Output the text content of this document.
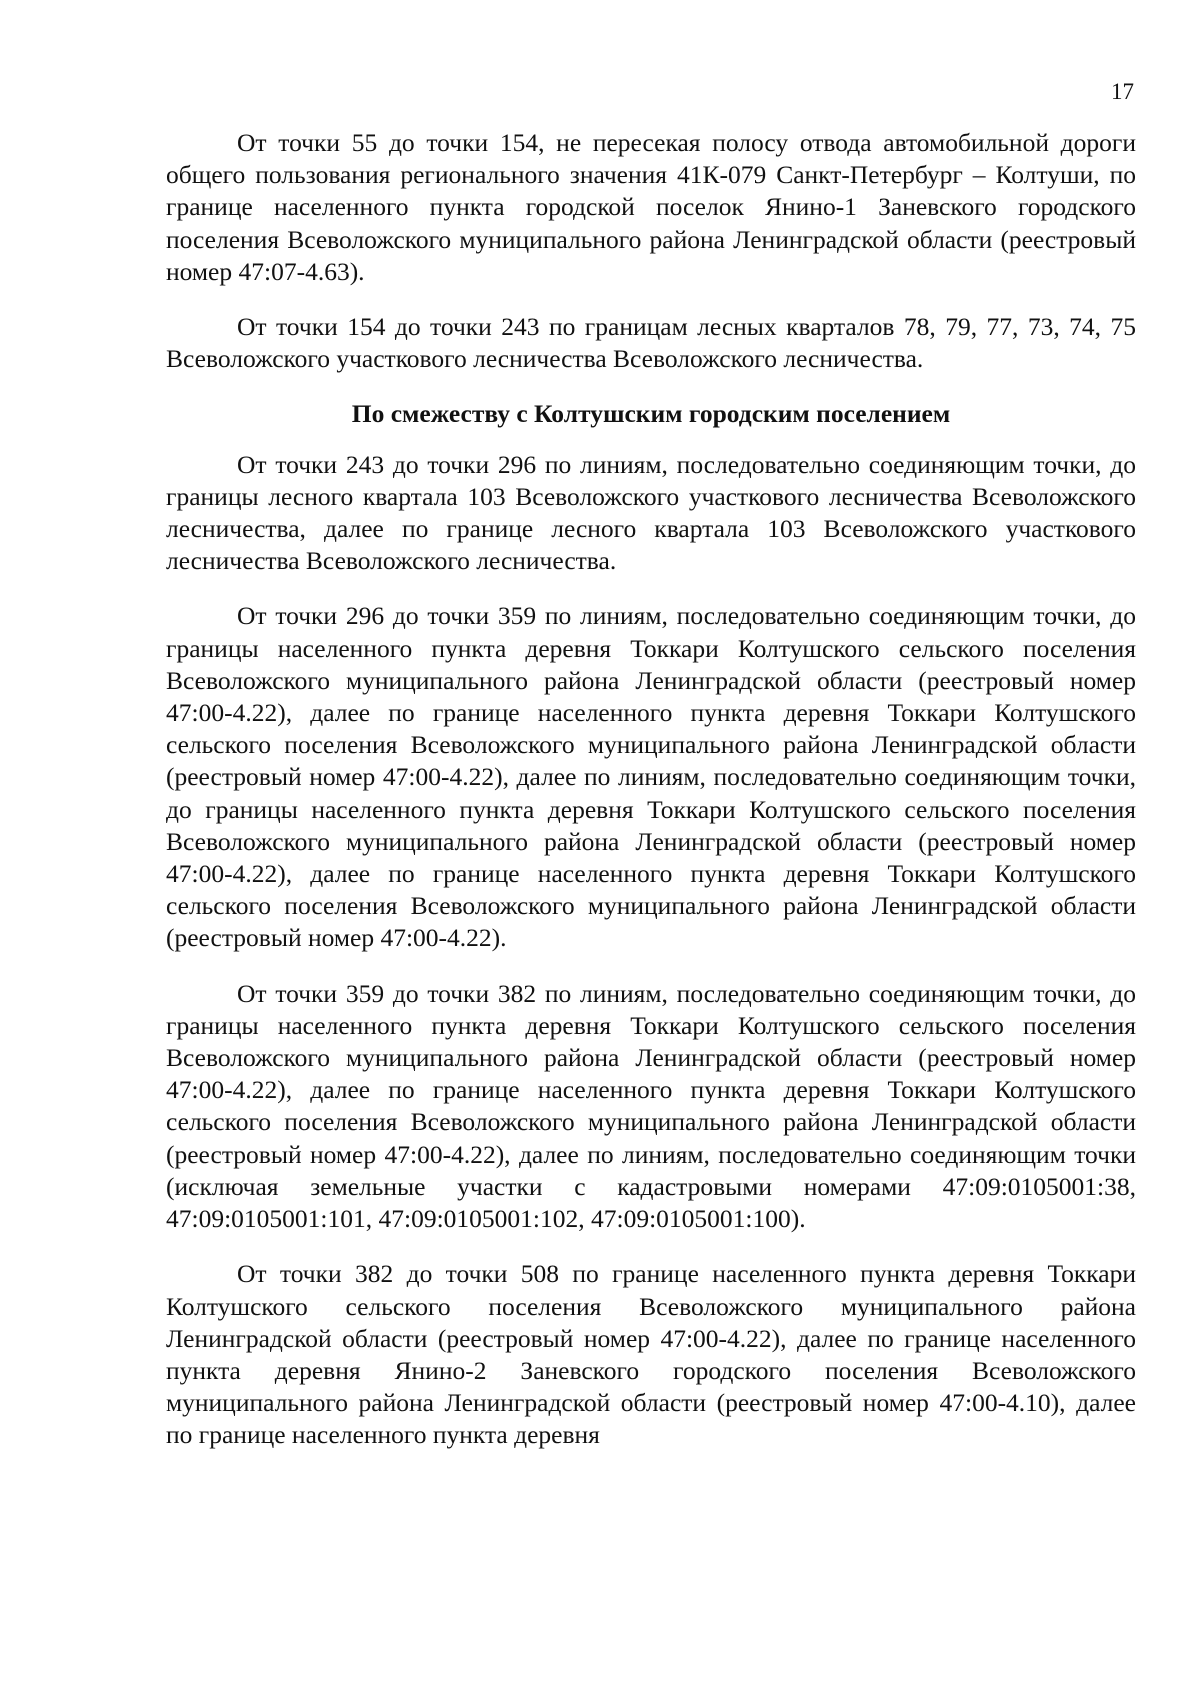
17

От точки 55 до точки 154, не пересекая полосу отвода автомобильной дороги общего пользования регионального значения 41К-079 Санкт-Петербург – Колтуши, по границе населенного пункта городской поселок Янино-1 Заневского городского поселения Всеволожского муниципального района Ленинградской области (реестровый номер 47:07-4.63).

От точки 154 до точки 243 по границам лесных кварталов 78, 79, 77, 73, 74, 75 Всеволожского участкового лесничества Всеволожского лесничества.

По смежеству с Колтушским городским поселением

От точки 243 до точки 296 по линиям, последовательно соединяющим точки, до границы лесного квартала 103 Всеволожского участкового лесничества Всеволожского лесничества, далее по границе лесного квартала 103 Всеволожского участкового лесничества Всеволожского лесничества.

От точки 296 до точки 359 по линиям, последовательно соединяющим точки, до границы населенного пункта деревня Токкари Колтушского сельского поселения Всеволожского муниципального района Ленинградской области (реестровый номер 47:00-4.22), далее по границе населенного пункта деревня Токкари Колтушского сельского поселения Всеволожского муниципального района Ленинградской области (реестровый номер 47:00-4.22), далее по линиям, последовательно соединяющим точки, до границы населенного пункта деревня Токкари Колтушского сельского поселения Всеволожского муниципального района Ленинградской области (реестровый номер 47:00-4.22), далее по границе населенного пункта деревня Токкари Колтушского сельского поселения Всеволожского муниципального района Ленинградской области (реестровый номер 47:00-4.22).

От точки 359 до точки 382 по линиям, последовательно соединяющим точки, до границы населенного пункта деревня Токкари Колтушского сельского поселения Всеволожского муниципального района Ленинградской области (реестровый номер 47:00-4.22), далее по границе населенного пункта деревня Токкари Колтушского сельского поселения Всеволожского муниципального района Ленинградской области (реестровый номер 47:00-4.22), далее по линиям, последовательно соединяющим точки (исключая земельные участки с кадастровыми номерами 47:09:0105001:38, 47:09:0105001:101, 47:09:0105001:102, 47:09:0105001:100).

От точки 382 до точки 508 по границе населенного пункта деревня Токкари Колтушского сельского поселения Всеволожского муниципального района Ленинградской области (реестровый номер 47:00-4.22), далее по границе населенного пункта деревня Янино-2 Заневского городского поселения Всеволожского муниципального района Ленинградской области (реестровый номер 47:00-4.10), далее по границе населенного пункта деревня
